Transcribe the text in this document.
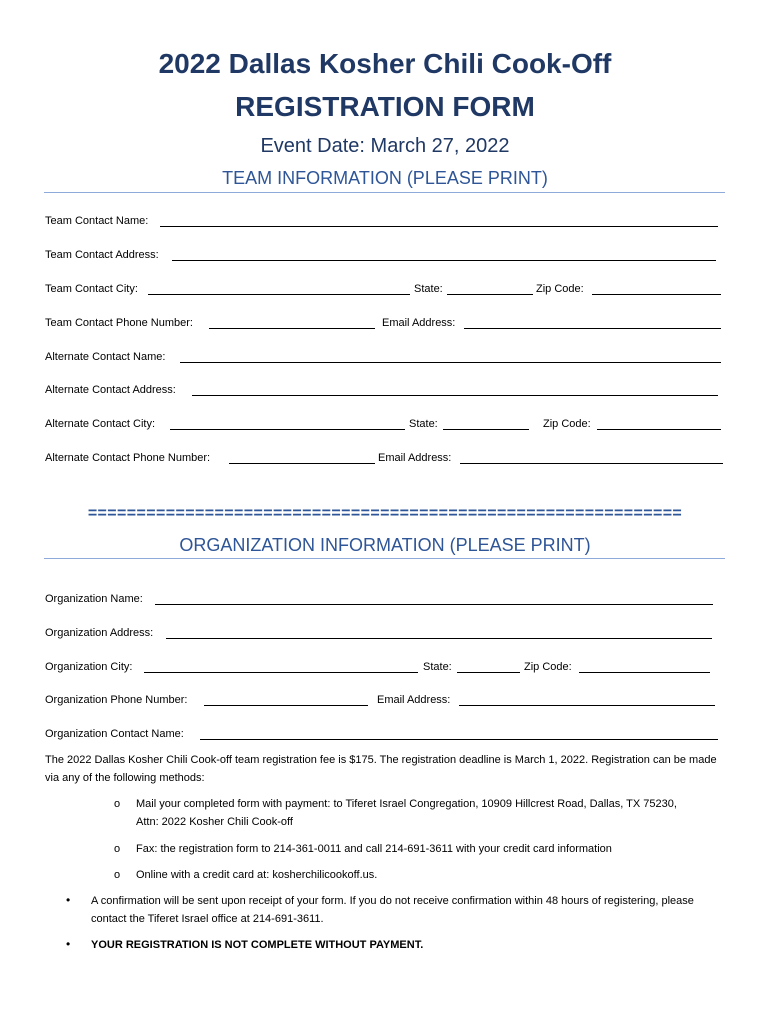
2022 Dallas Kosher Chili Cook-Off
REGISTRATION FORM
Event Date: March 27, 2022
TEAM INFORMATION (PLEASE PRINT)
Team Contact Name:
Team Contact Address:
Team Contact City:	State:	Zip Code:
Team Contact Phone Number:	Email Address:
Alternate Contact Name:
Alternate Contact Address:
Alternate Contact City:	State:	Zip Code:
Alternate Contact Phone Number:	Email Address:
=============================================================
ORGANIZATION INFORMATION (PLEASE PRINT)
Organization Name:
Organization Address:
Organization City:	State:	Zip Code:
Organization Phone Number:	Email Address:
Organization Contact Name:
The 2022 Dallas Kosher Chili Cook-off team registration fee is $175. The registration deadline is March 1, 2022. Registration can be made via any of the following methods:
o Mail your completed form with payment: to Tiferet Israel Congregation, 10909 Hillcrest Road, Dallas, TX 75230, Attn: 2022 Kosher Chili Cook-off
o Fax: the registration form to 214-361-0011 and call 214-691-3611 with your credit card information
o Online with a credit card at: kosherchilicookoff.us.
• A confirmation will be sent upon receipt of your form. If you do not receive confirmation within 48 hours of registering, please contact the Tiferet Israel office at 214-691-3611.
• YOUR REGISTRATION IS NOT COMPLETE WITHOUT PAYMENT.
